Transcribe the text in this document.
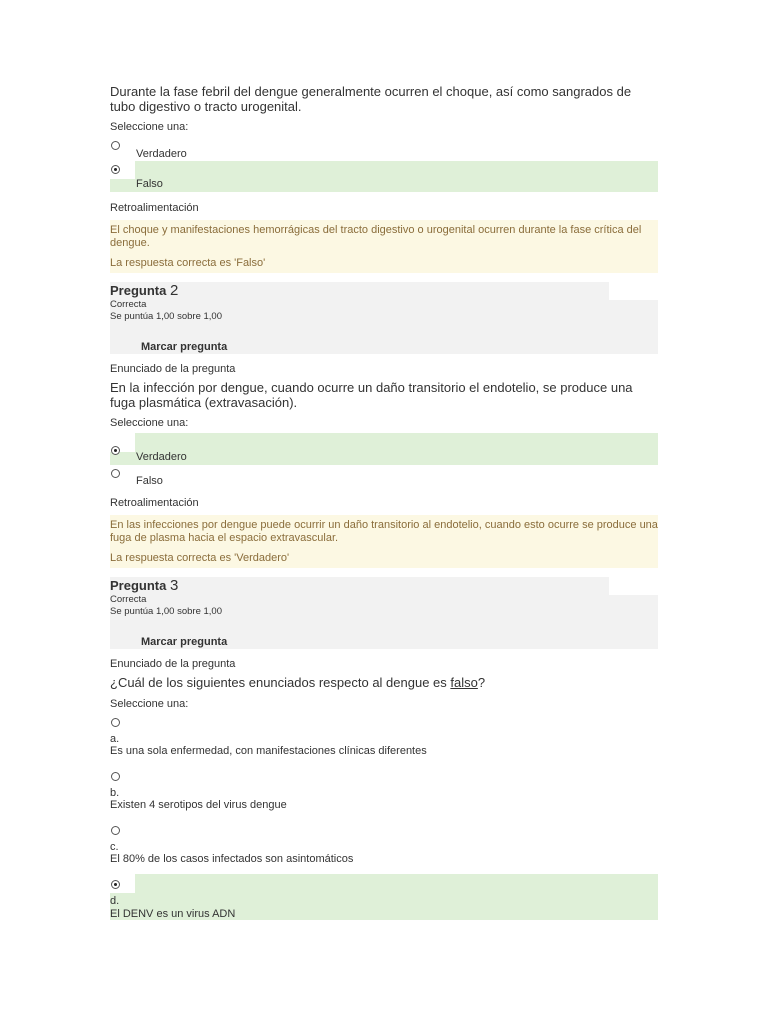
Durante la fase febril del dengue generalmente ocurren el choque, así como sangrados de tubo digestivo o tracto urogenital.

Seleccione una:
Verdadero
Falso
Retroalimentación
El choque y manifestaciones hemorrágicas del tracto digestivo o urogenital ocurren durante la fase crítica del dengue.
La respuesta correcta es 'Falso'
Pregunta 2
Correcta
Se puntúa 1,00 sobre 1,00
Marcar pregunta
Enunciado de la pregunta

En la infección por dengue, cuando ocurre un daño transitorio el endotelio, se produce una fuga plasmática (extravasación).

Seleccione una:
Verdadero
Falso
Retroalimentación
En las infecciones por dengue puede ocurrir un daño transitorio al endotelio, cuando esto ocurre se produce una fuga de plasma hacia el espacio extravascular.
La respuesta correcta es 'Verdadero'
Pregunta 3
Correcta
Se puntúa 1,00 sobre 1,00
Marcar pregunta
Enunciado de la pregunta

¿Cuál de los siguientes enunciados respecto al dengue es falso?

Seleccione una:
a.
Es una sola enfermedad, con manifestaciones clínicas diferentes
b.
Existen 4 serotipos del virus dengue
c.
El 80% de los casos infectados son asintomáticos
d.
El DENV es un virus ADN
